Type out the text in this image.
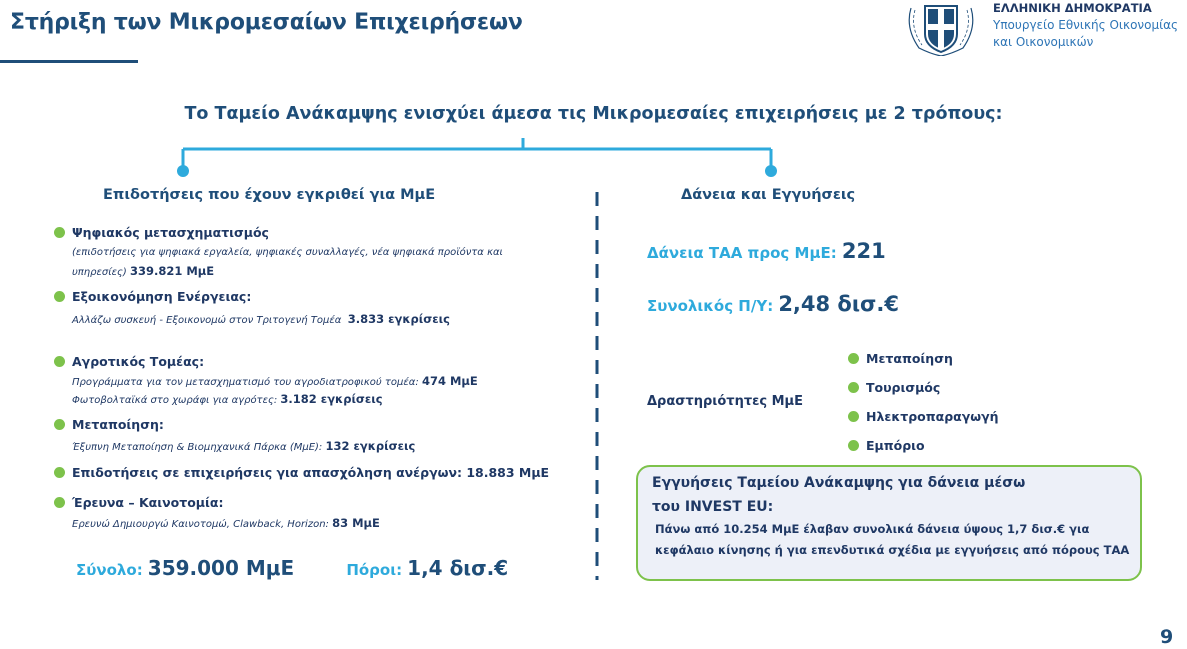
Στήριξη των Μικρομεσαίων Επιχειρήσεων
ΕΛΛΗΝΙΚΗ ΔΗΜΟΚΡΑΤΙΑ
Υπουργείο Εθνικής Οικονομίας
και Οικονομικών
Το Ταμείο Ανάκαμψης ενισχύει άμεσα τις Μικρομεσαίες επιχειρήσεις με 2 τρόπους:
Επιδοτήσεις που έχουν εγκριθεί για ΜμΕ	Δάνεια και Εγγυήσεις
Ψηφιακός μετασχηματισμός
(επιδοτήσεις για ψηφιακά εργαλεία, ψηφιακές συναλλαγές, νέα ψηφιακά προϊόντα και
υπηρεσίες) 339.821 ΜμΕ
Εξοικονόμηση Ενέργειας:
Αλλάζω συσκευή - Εξοικονομώ στον Τριτογενή Τομέα 3.833 εγκρίσεις
Αγροτικός Τομέας:
Προγράμματα για τον μετασχηματισμό του αγροδιατροφικού τομέα: 474 ΜμΕ
Φωτοβολταϊκά στο χωράφι για αγρότες: 3.182 εγκρίσεις
Μεταποίηση:
Έξυπνη Μεταποίηση & Βιομηχανικά Πάρκα (ΜμΕ): 132 εγκρίσεις
Επιδοτήσεις σε επιχειρήσεις για απασχόληση ανέργων: 18.883 ΜμΕ
Έρευνα – Καινοτομία:
Ερευνώ Δημιουργώ Καινοτομώ, Clawback, Horizon: 83 ΜμΕ
Σύνολο: 359.000 ΜμΕ	Πόροι: 1,4 δισ.€
Δάνεια ΤΑΑ προς ΜμΕ: 221
Συνολικός Π/Υ: 2,48 δισ.€
Δραστηριότητες ΜμΕ
Μεταποίηση
Τουρισμός
Ηλεκτροπαραγωγή
Εμπόριο
Εγγυήσεις Ταμείου Ανάκαμψης για δάνεια μέσω
του INVEST EU:
Πάνω από 10.254 ΜμΕ έλαβαν συνολικά δάνεια ύψους 1,7 δισ.€ για
κεφάλαιο κίνησης ή για επενδυτικά σχέδια με εγγυήσεις από πόρους ΤΑΑ
9
